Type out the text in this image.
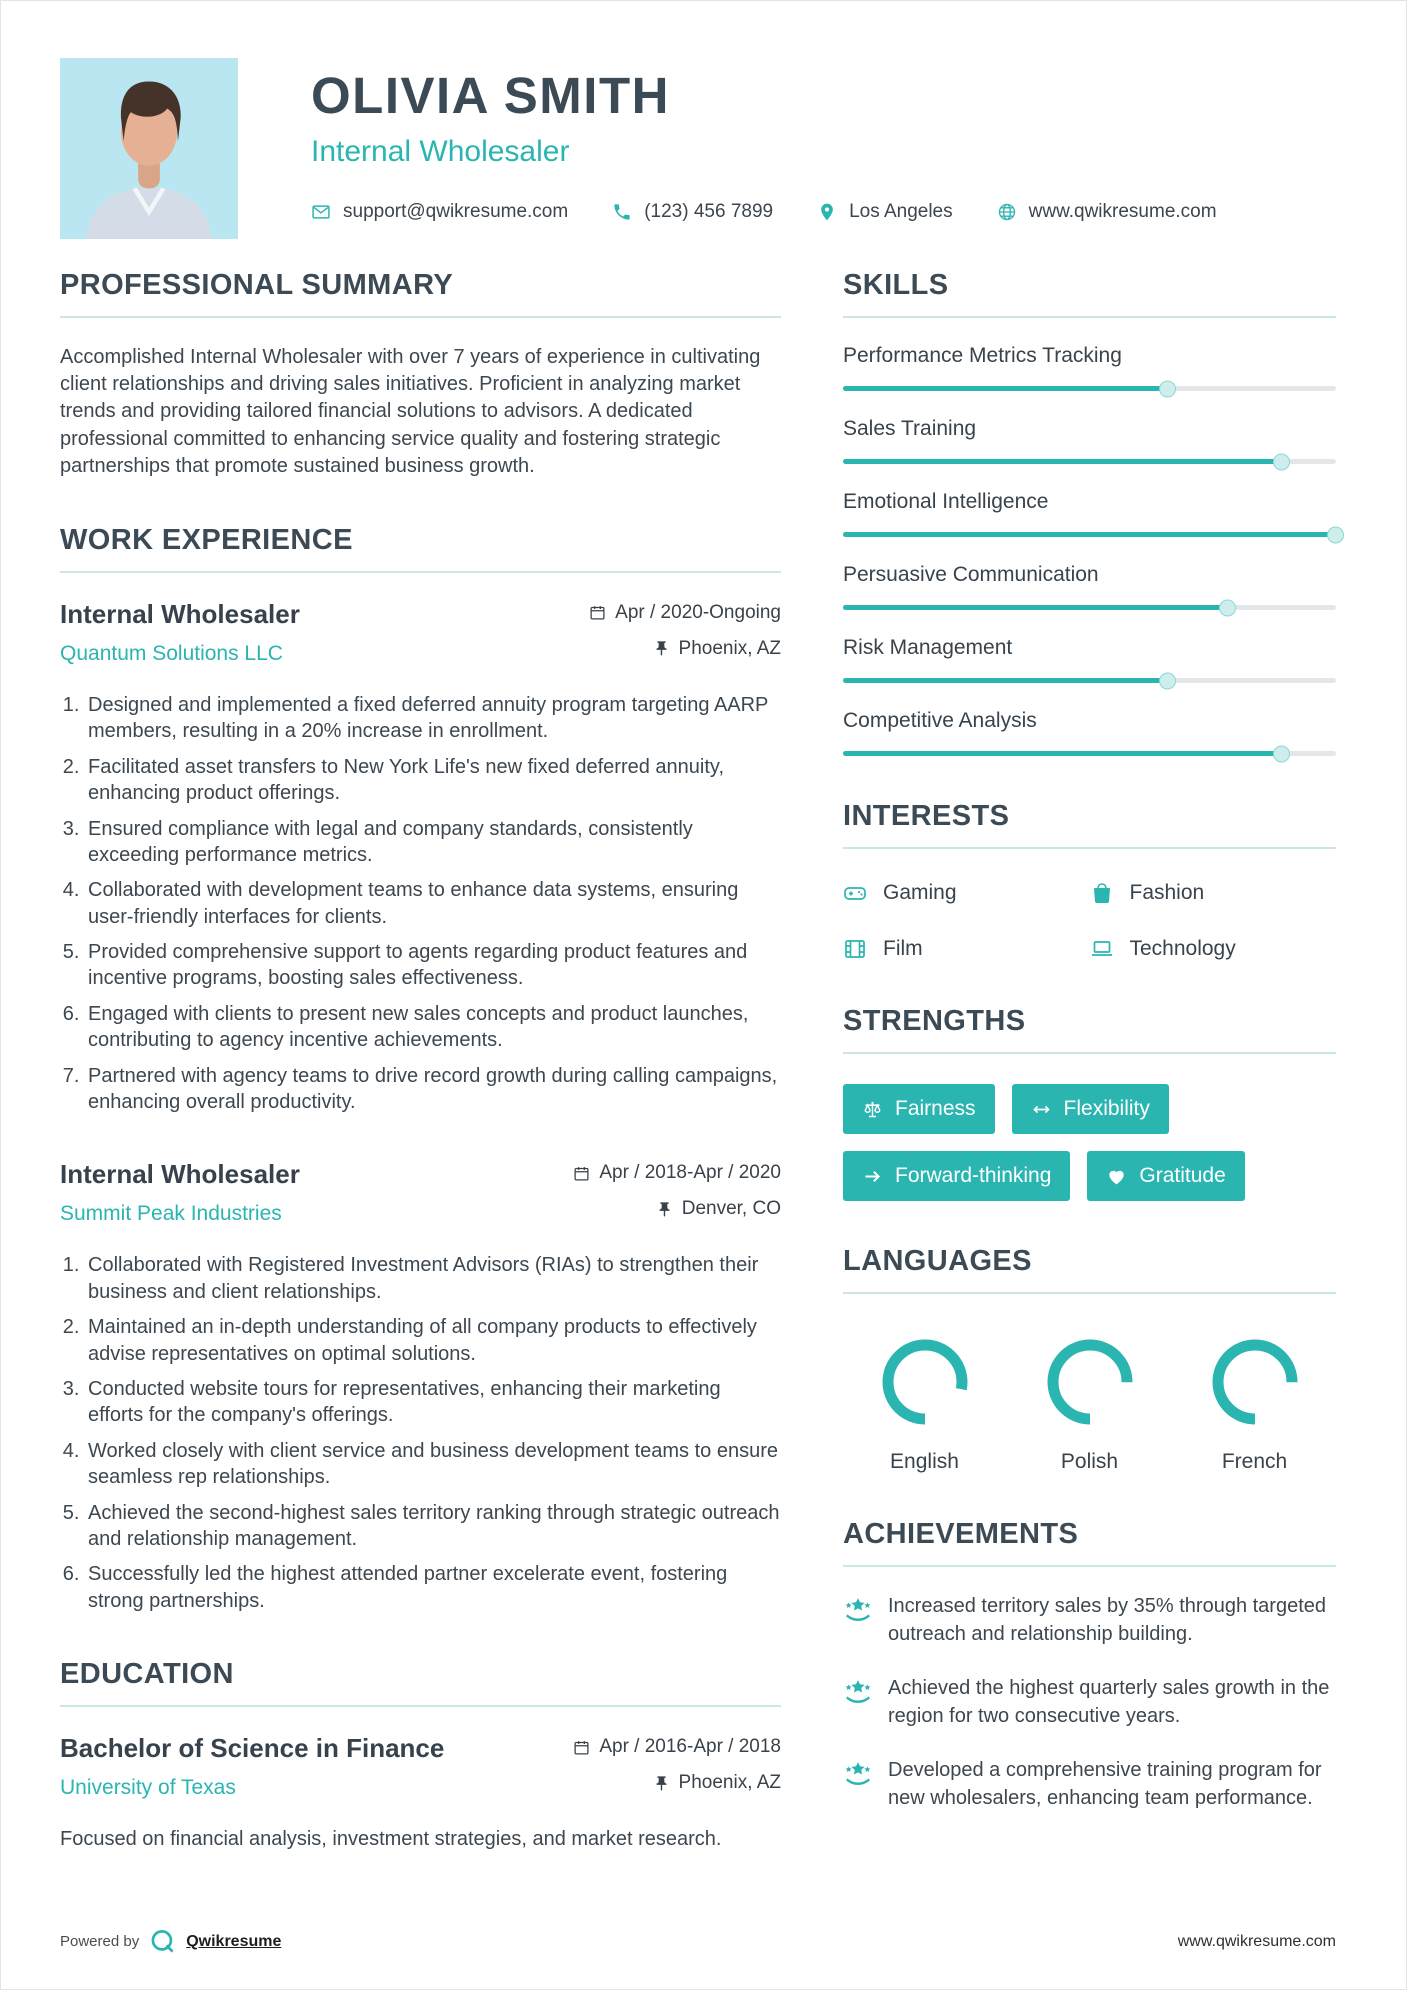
OLIVIA SMITH
Internal Wholesaler
support@qwikresume.com	(123) 456 7899	Los Angeles	www.qwikresume.com
PROFESSIONAL SUMMARY

Accomplished Internal Wholesaler with over 7 years of experience in cultivating client relationships and driving sales initiatives. Proficient in analyzing market trends and providing tailored financial solutions to advisors. A dedicated professional committed to enhancing service quality and fostering strategic partnerships that promote sustained business growth.

WORK EXPERIENCE
Internal Wholesaler
Quantum Solutions LLC
Apr / 2020-Ongoing
Phoenix, AZ
1. Designed and implemented a fixed deferred annuity program targeting AARP members, resulting in a 20% increase in enrollment.
2. Facilitated asset transfers to New York Life's new fixed deferred annuity, enhancing product offerings.
3. Ensured compliance with legal and company standards, consistently exceeding performance metrics.
4. Collaborated with development teams to enhance data systems, ensuring user-friendly interfaces for clients.
5. Provided comprehensive support to agents regarding product features and incentive programs, boosting sales effectiveness.
6. Engaged with clients to present new sales concepts and product launches, contributing to agency incentive achievements.
7. Partnered with agency teams to drive record growth during calling campaigns, enhancing overall productivity.
Internal Wholesaler
Summit Peak Industries
Apr / 2018-Apr / 2020
Denver, CO
1. Collaborated with Registered Investment Advisors (RIAs) to strengthen their business and client relationships.
2. Maintained an in-depth understanding of all company products to effectively advise representatives on optimal solutions.
3. Conducted website tours for representatives, enhancing their marketing efforts for the company's offerings.
4. Worked closely with client service and business development teams to ensure seamless rep relationships.
5. Achieved the second-highest sales territory ranking through strategic outreach and relationship management.
6. Successfully led the highest attended partner excelerate event, fostering strong partnerships.
EDUCATION
Bachelor of Science in Finance
University of Texas
Apr / 2016-Apr / 2018
Phoenix, AZ

Focused on financial analysis, investment strategies, and market research.

SKILLS
Performance Metrics Tracking
Sales Training
Emotional Intelligence
Persuasive Communication
Risk Management
Competitive Analysis
INTERESTS
Gaming	Fashion
Film	Technology
STRENGTHS
Fairness	Flexibility
Forward-thinking	Gratitude
LANGUAGES
English	Polish	French
ACHIEVEMENTS

Increased territory sales by 35% through targeted outreach and relationship building.

Achieved the highest quarterly sales growth in the region for two consecutive years.

Developed a comprehensive training program for new wholesalers, enhancing team performance.

Powered by	Qwikresume	www.qwikresume.com
